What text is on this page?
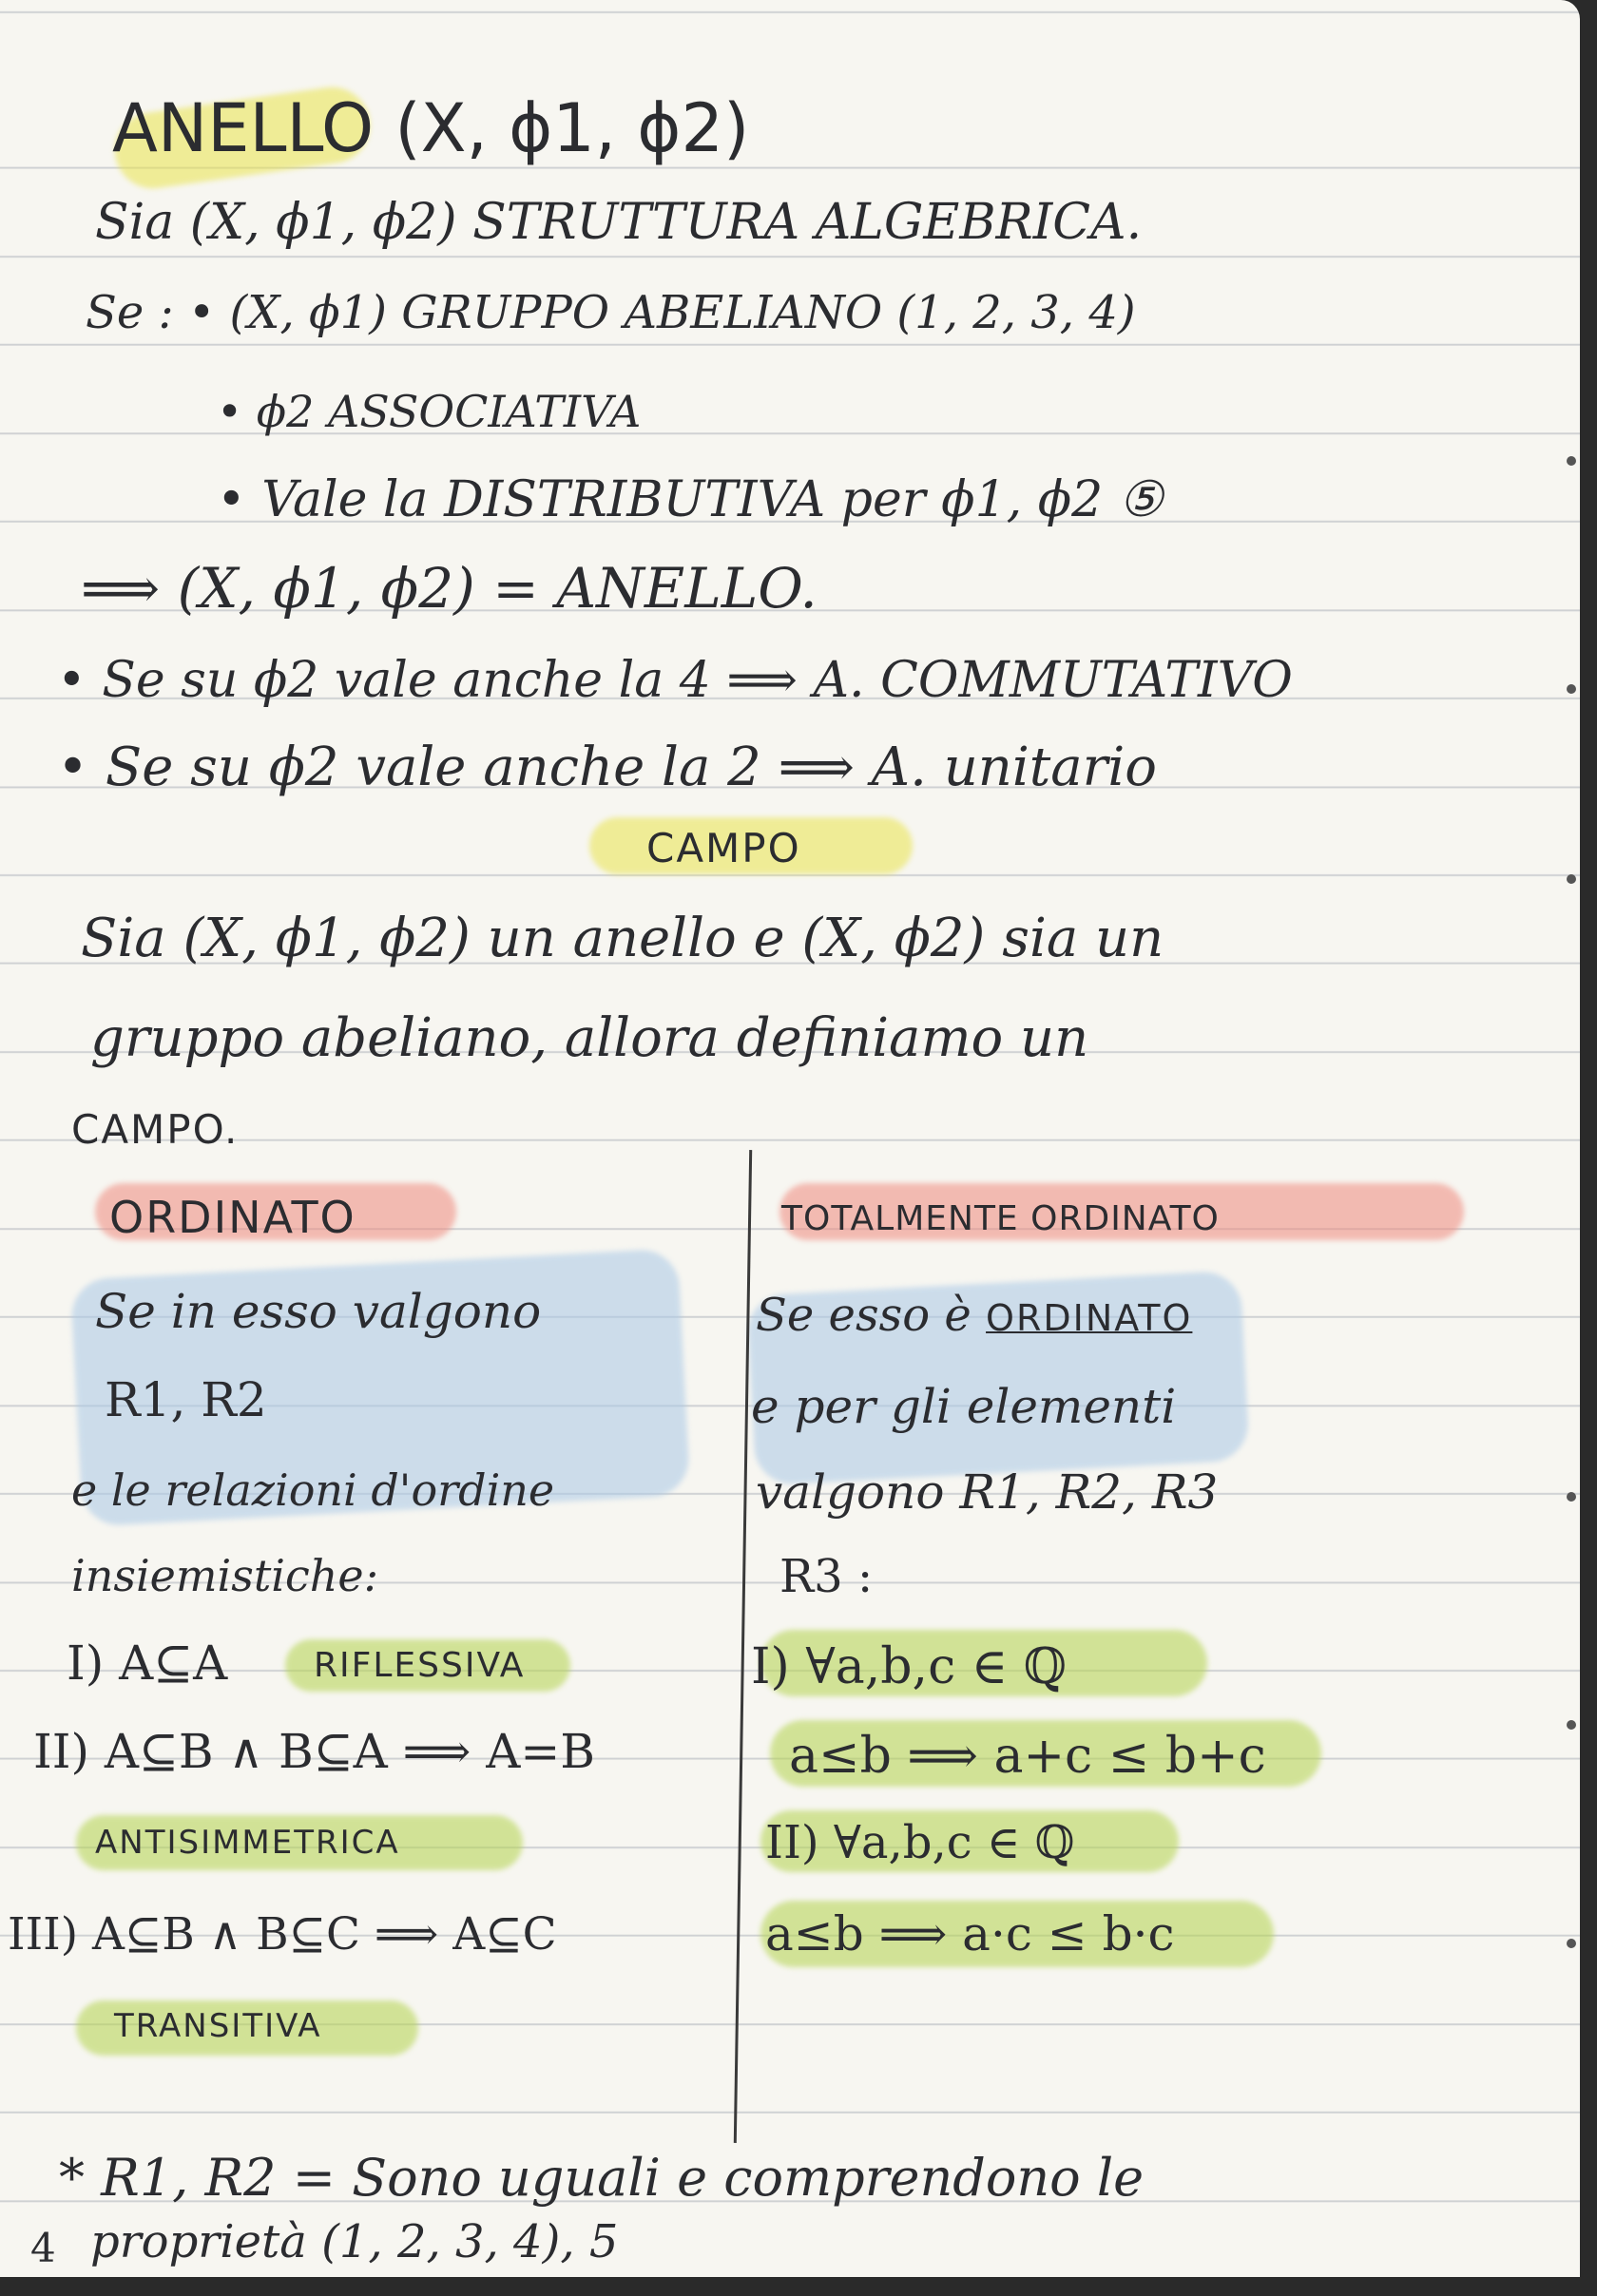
ANELLO (X, ϕ1, ϕ2)
Sia (X, ϕ1, ϕ2) STRUTTURA ALGEBRICA.
Se : • (X, ϕ1) GRUPPO ABELIANO (1, 2, 3, 4)
• ϕ2 ASSOCIATIVA
• Vale la DISTRIBUTIVA per ϕ1, ϕ2 ⑤
⟹ (X, ϕ1, ϕ2) = ANELLO.
• Se su ϕ2 vale anche la 4 ⟹ A. COMMUTATIVO
• Se su ϕ2 vale anche la 2 ⟹ A. unitario
CAMPO
Sia (X, ϕ1, ϕ2) un anello e (X, ϕ2) sia un
gruppo abeliano, allora definiamo un
CAMPO.
ORDINATO
Se in esso valgono
R1, R2
e le relazioni d'ordine
insiemistiche:
I) A⊆A	RIFLESSIVA
II) A⊆B ∧ B⊆A ⟹ A=B
ANTISIMMETRICA
III) A⊆B ∧ B⊆C ⟹ A⊆C
TRANSITIVA
TOTALMENTE ORDINATO
Se esso è ORDINATO
e per gli elementi
valgono R1, R2, R3
R3 :
I) ∀a,b,c ∈ ℚ
a≤b ⟹ a+c ≤ b+c
II) ∀a,b,c ∈ ℚ
a≤b ⟹ a·c ≤ b·c
* R1, R2 = Sono uguali e comprendono le
4 proprietà (1, 2, 3, 4), 5
